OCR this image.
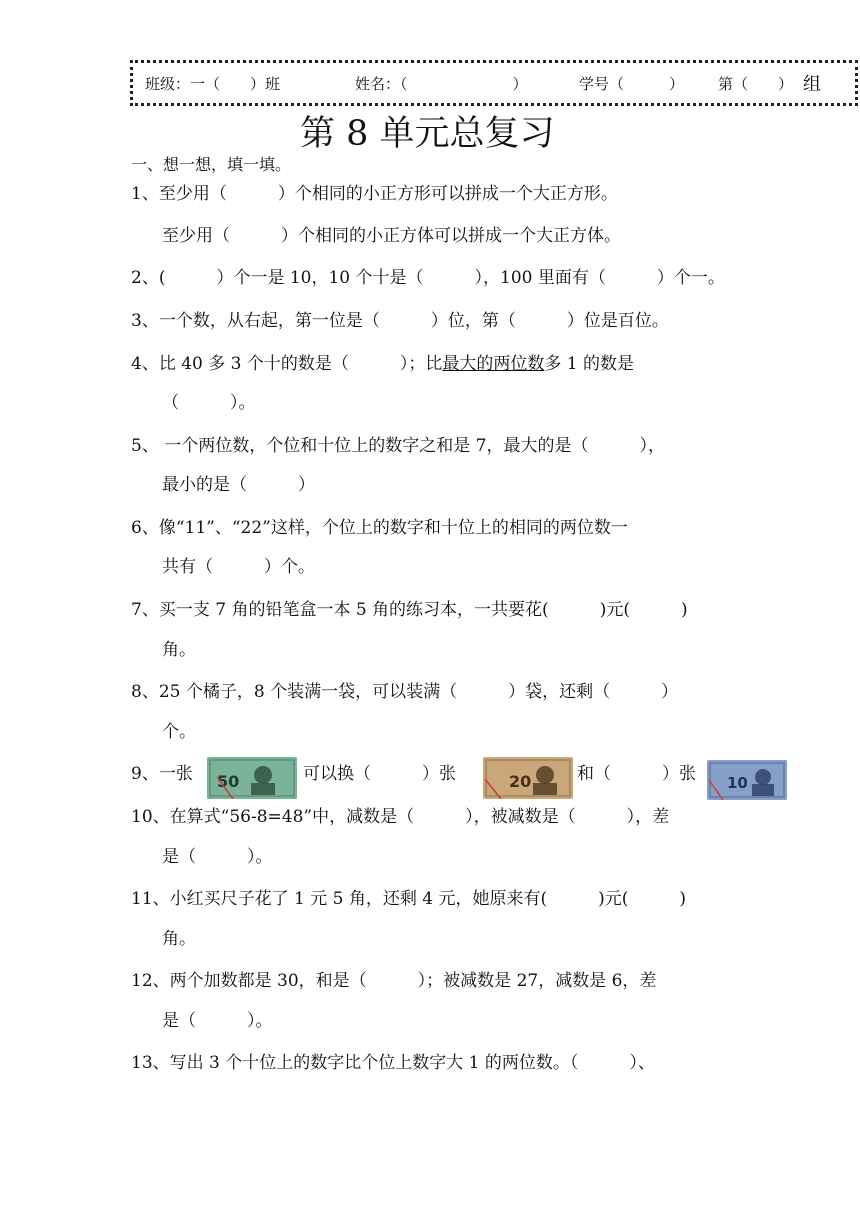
班级：一（　　）班	姓名：（　　　　　　　）	学号（　　　） 第（　　） 组
第 8 单元总复习
一、想一想，填一填。
1、至少用（　　　）个相同的小正方形可以拼成一个大正方形。
至少用（　　　）个相同的小正方体可以拼成一个大正方体。
2、(　　　）个一是 10，10 个十是（　　　），100 里面有（　　　）个一。
3、一个数，从右起，第一位是（　　　）位，第（　　　）位是百位。
4、比 40 多 3 个十的数是（　　　）；比最大的两位数多 1 的数是
（　　　）。
5、 一个两位数，个位和十位上的数字之和是 7，最大的是（　　　），
最小的是（　　　）
6、像“11”、“22”这样，个位上的数字和十位上的相同的两位数一
共有（　　　）个。
7、买一支 7 角的铅笔盒一本 5 角的练习本，一共要花(　　　)元(　　　)
角。
8、25 个橘子，8 个装满一袋，可以装满（　　　）袋，还剩（　　　）
个。
9、一张 50	可以换（　　　）张	20	和（　　　）张 10
10、在算式“56-8=48”中，减数是（　　　），被减数是（　　　），差
是（　　　）。
11、小红买尺子花了 1 元 5 角，还剩 4 元，她原来有(　　　)元(　　　)
角。
12、两个加数都是 30，和是（　　　）；被减数是 27，减数是 6，差
是（　　　）。
13、写出 3 个十位上的数字比个位上数字大 1 的两位数。（　　　）、
